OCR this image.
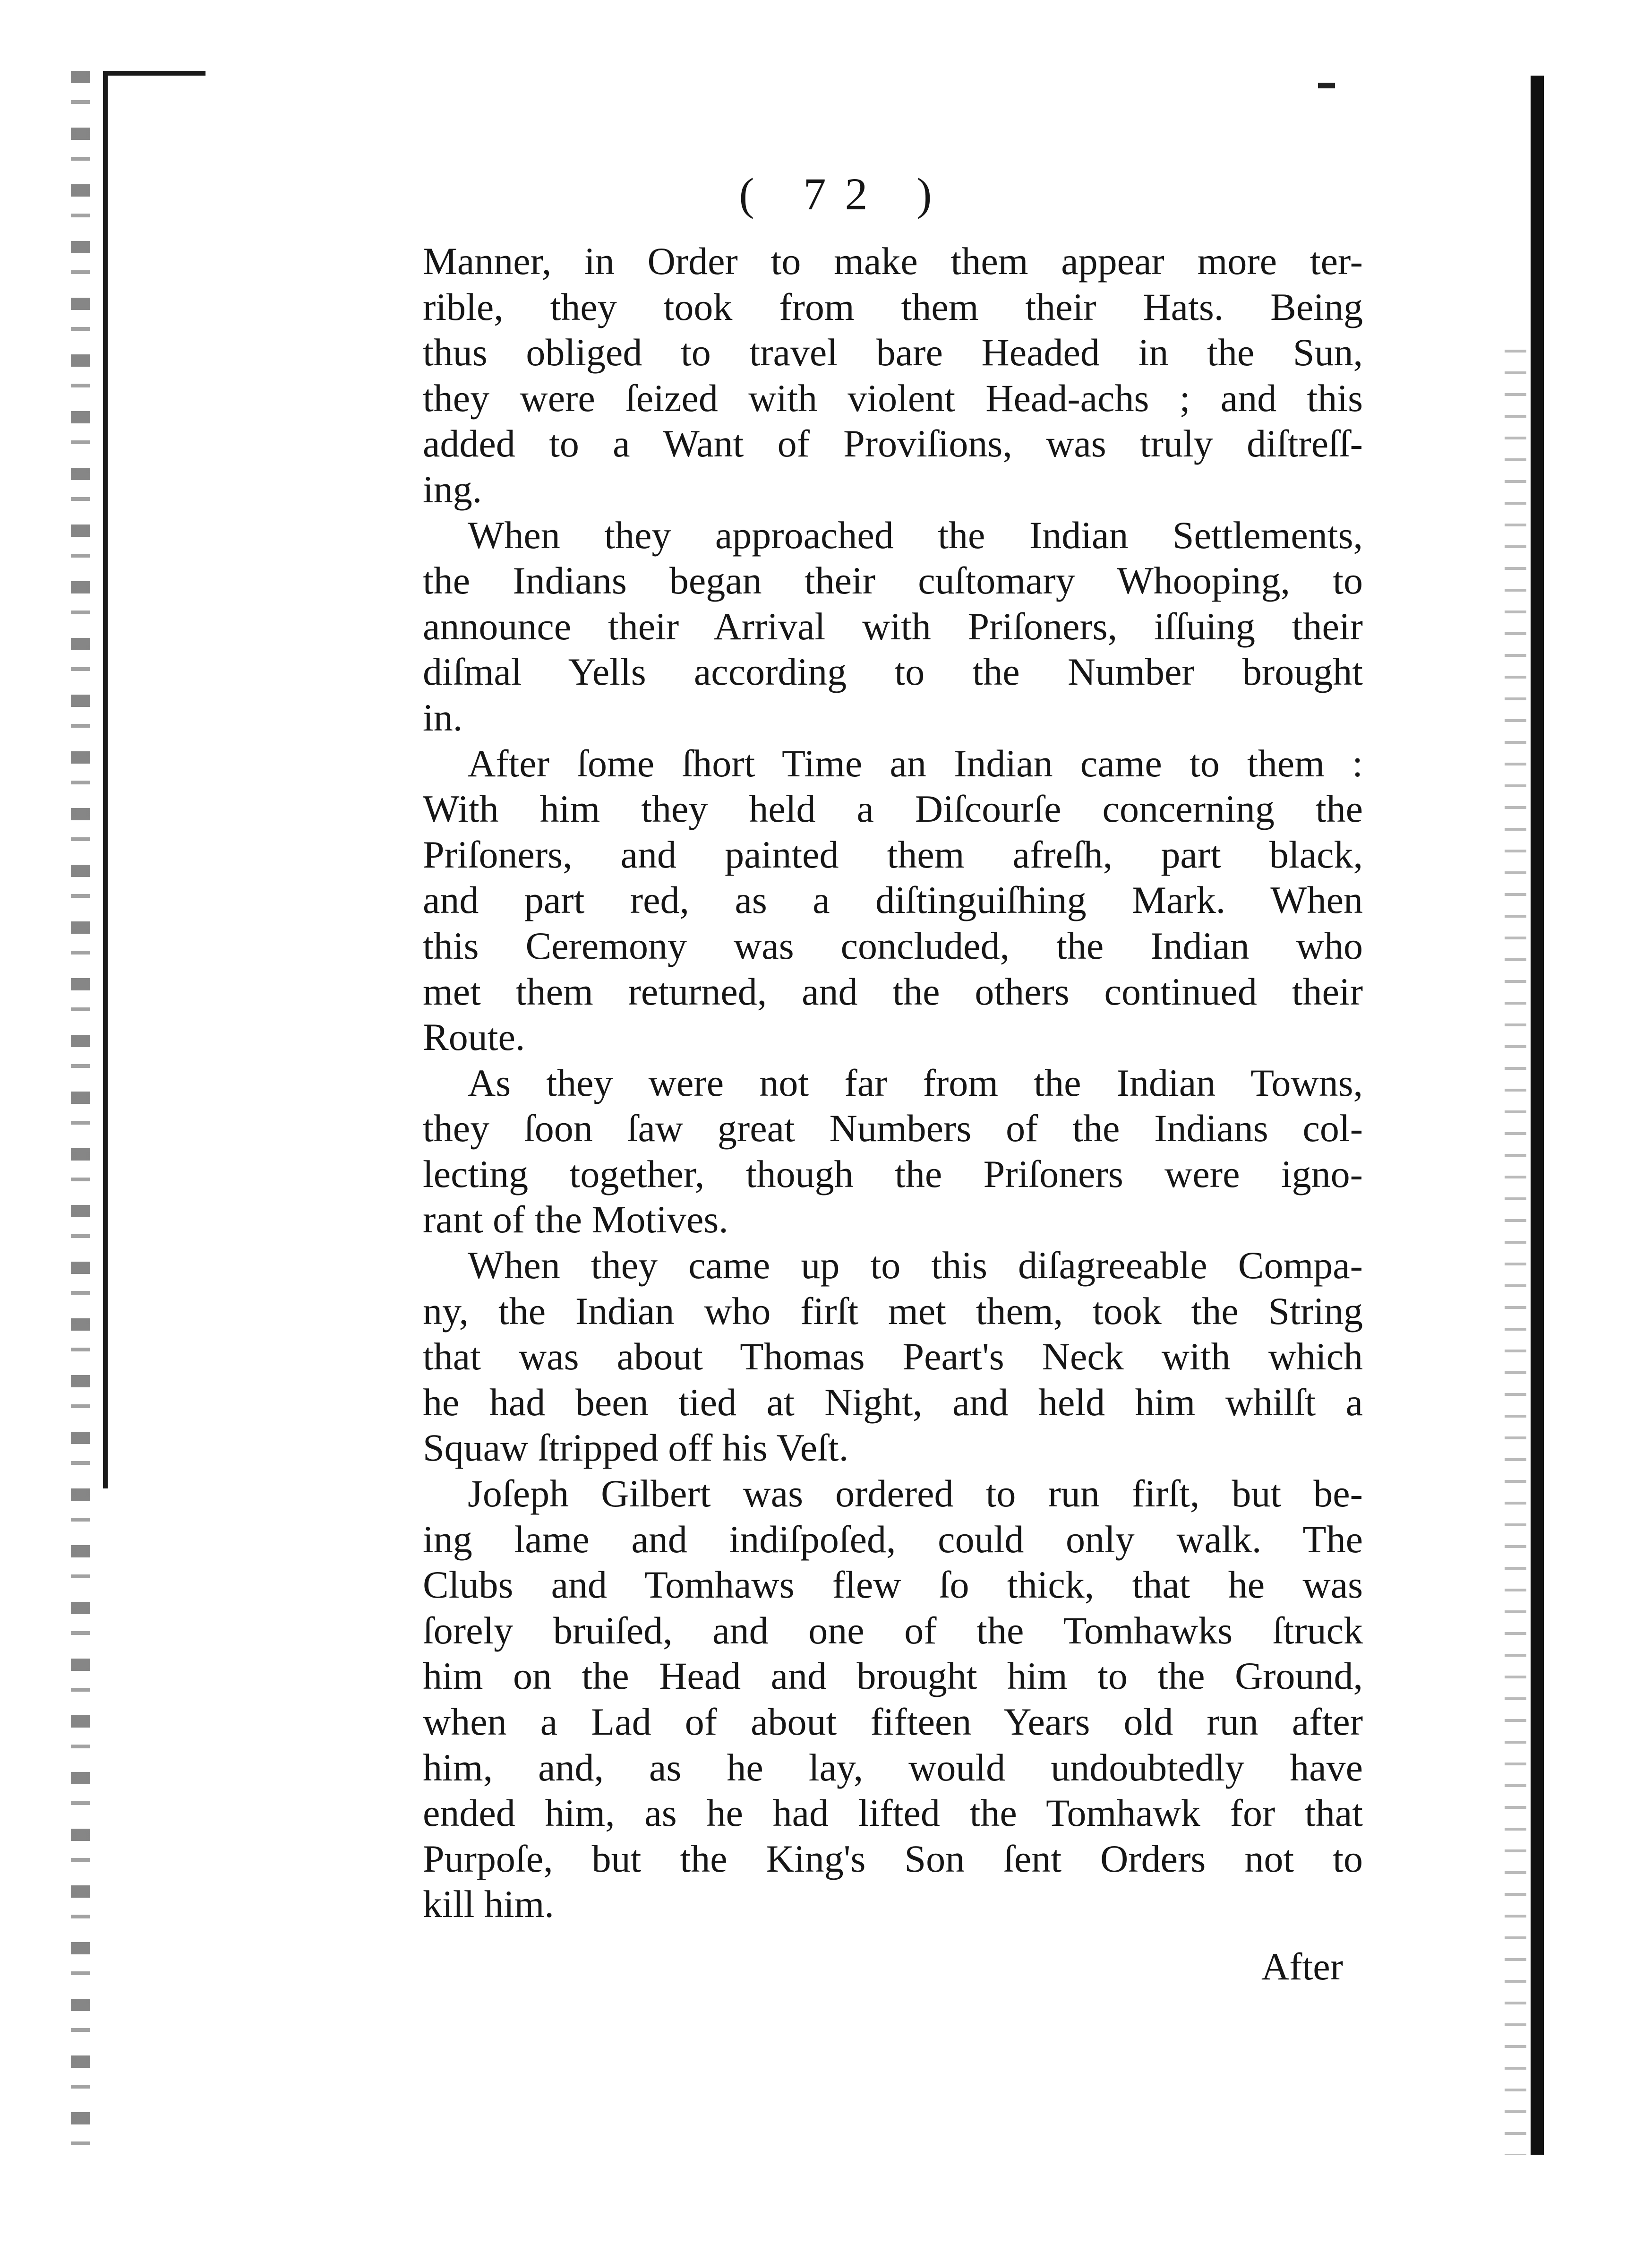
( 72 )
Manner, in Order to make them appear more ter-
rible, they took from them their Hats. Being
thus obliged to travel bare Headed in the Sun,
they were ſeized with violent Head-achs ; and this
added to a Want of Proviſions, was truly diſtreſſ-
ing.
When they approached the Indian Settlements,
the Indians began their cuſtomary Whooping, to
announce their Arrival with Priſoners, iſſuing their
diſmal Yells according to the Number brought
in.
After ſome ſhort Time an Indian came to them :
With him they held a Diſcourſe concerning the
Priſoners, and painted them afreſh, part black,
and part red, as a diſtinguiſhing Mark. When
this Ceremony was concluded, the Indian who
met them returned, and the others continued their
Route.
As they were not far from the Indian Towns,
they ſoon ſaw great Numbers of the Indians col-
lecting together, though the Priſoners were igno-
rant of the Motives.
When they came up to this diſagreeable Compa-
ny, the Indian who firſt met them, took the String
that was about Thomas Peart's Neck with which
he had been tied at Night, and held him whilſt a
Squaw ſtripped off his Veſt.
Joſeph Gilbert was ordered to run firſt, but be-
ing lame and indiſpoſed, could only walk. The
Clubs and Tomhaws flew ſo thick, that he was
ſorely bruiſed, and one of the Tomhawks ſtruck
him on the Head and brought him to the Ground,
when a Lad of about fifteen Years old run after
him, and, as he lay, would undoubtedly have
ended him, as he had lifted the Tomhawk for that
Purpoſe, but the King's Son ſent Orders not to
kill him.
After
